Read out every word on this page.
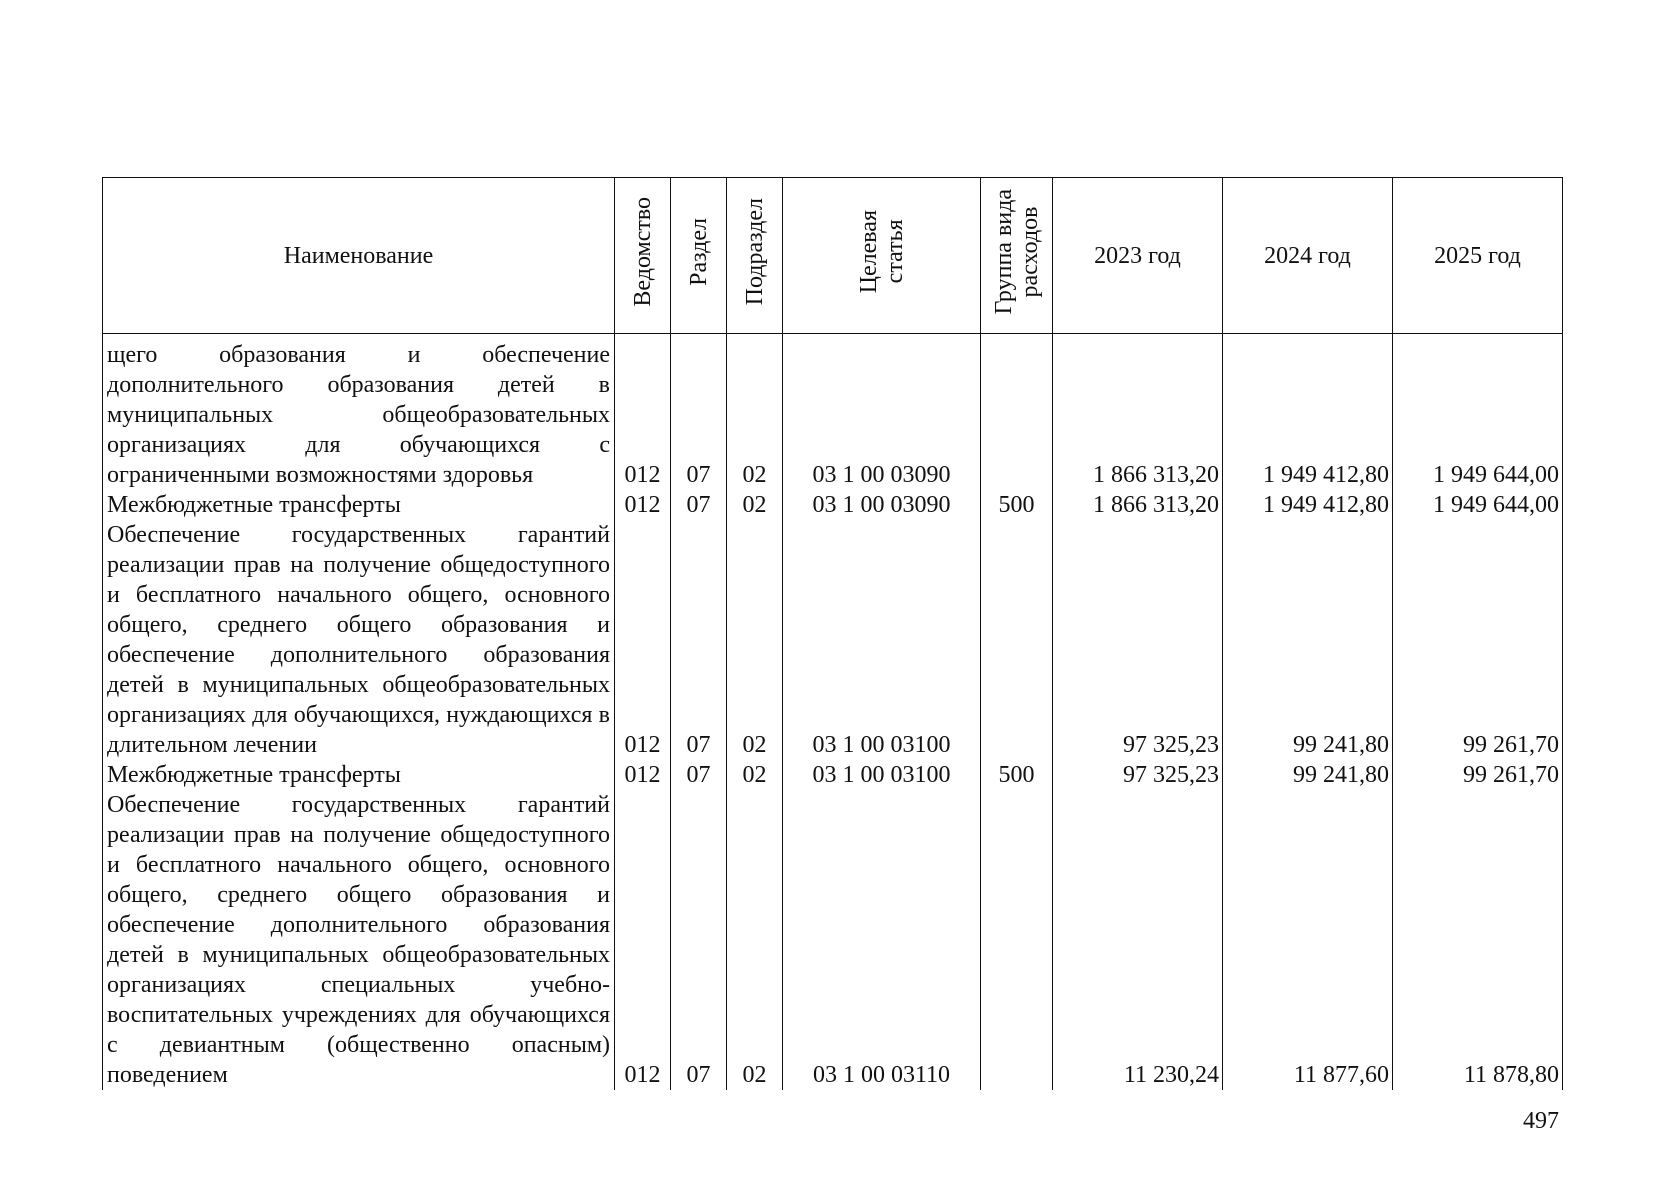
Наименование	Ведомство	Раздел	Подраздел	Целевая
статья	Группа вида
расходов	2023 год	2024 год	2025 год
щего образования и обеспечение дополнительного образования детей в муниципальных общеобразовательных организациях для обучающихся с ограниченными возможностями здоровья	012	07	02	03 1 00 03090		1 866 313,20	1 949 412,80	1 949 644,00
Межбюджетные трансферты	012	07	02	03 1 00 03090	500	1 866 313,20	1 949 412,80	1 949 644,00
Обеспечение государственных гарантий реализации прав на получение общедоступного и бесплатного начального общего, основного общего, среднего общего образования и обеспечение дополнительного образования детей в муниципальных общеобразовательных организациях для обучающихся, нуждающихся в длительном лечении	012	07	02	03 1 00 03100		97 325,23	99 241,80	99 261,70
Межбюджетные трансферты	012	07	02	03 1 00 03100	500	97 325,23	99 241,80	99 261,70
Обеспечение государственных гарантий реализации прав на получение общедоступного и бесплатного начального общего, основного общего, среднего общего образования и обеспечение дополнительного образования детей в муниципальных общеобразовательных организациях специальных учебно-воспитательных учреждениях для обучающихся с девиантным (общественно опасным) поведением	012	07	02	03 1 00 03110		11 230,24	11 877,60	11 878,80
497
